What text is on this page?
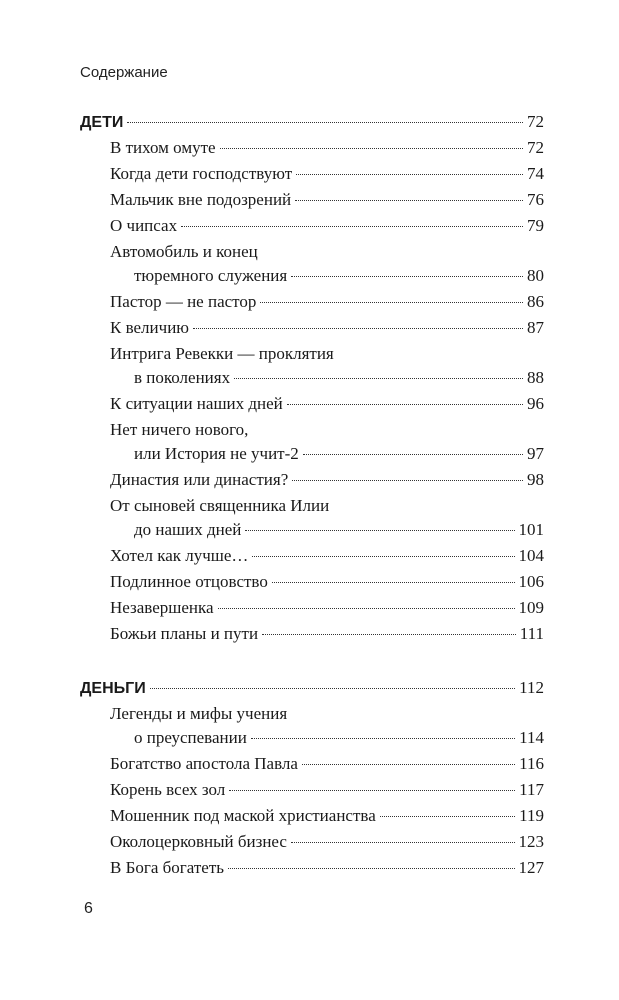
Содержание
ДЕТИ	72
В тихом омуте	72
Когда дети господствуют	74
Мальчик вне подозрений	76
О чипсах	79
Автомобиль и конец
тюремного служения	80
Пастор — не пастор	86
К величию	87
Интрига Ревекки — проклятия
в поколениях	88
К ситуации наших дней	96
Нет ничего нового,
или История не учит-2	97
Династия или династия?	98
От сыновей священника Илии
до наших дней	101
Хотел как лучше…	104
Подлинное отцовство	106
Незавершенка	109
Божьи планы и пути	111
ДЕНЬГИ	112
Легенды и мифы учения
о преуспевании	114
Богатство апостола Павла	116
Корень всех зол	117
Мошенник под маской христианства	119
Околоцерковный бизнес	123
В Бога богатеть	127
6
